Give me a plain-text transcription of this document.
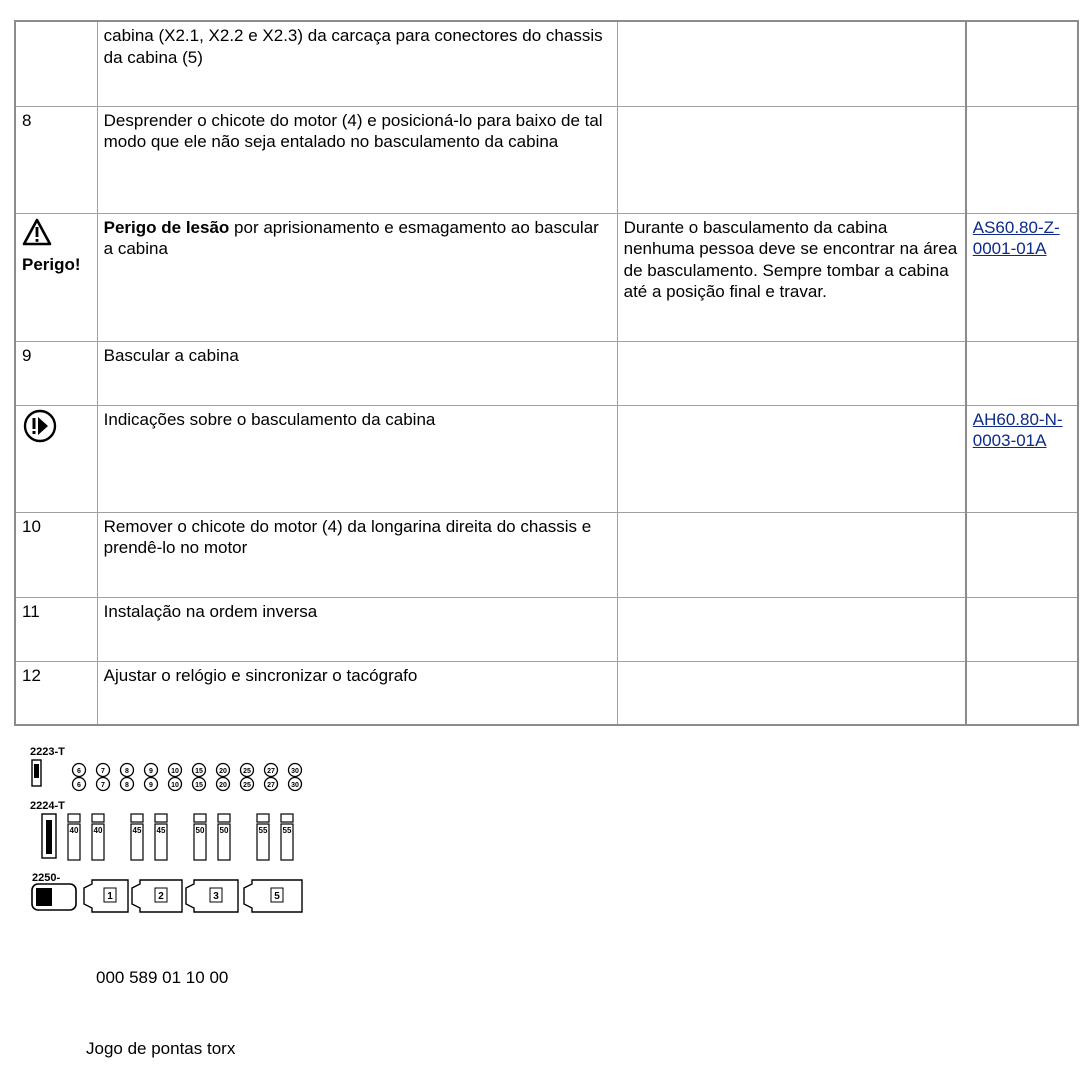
	cabina (X2.1, X2.2 e X2.3) da carcaça para conectores do chassis da cabina (5)		
8	Desprender o chicote do motor (4) e posicioná-lo para baixo de tal modo que ele não seja entalado no basculamento da cabina		

Perigo!	Perigo de lesão por aprisionamento e esmagamento ao bascular a cabina	Durante o basculamento da cabina nenhuma pessoa deve se encontrar na área de basculamento. Sempre tombar a cabina até a posição final e travar.	AS60.80-Z-0001-01A
9	Bascular a cabina		
	Indicações sobre o basculamento da cabina		AH60.80-N-0003-01A
10	Remover o chicote do motor (4) da longarina direita do chassis e prendê-lo no motor		
11	Instalação na ordem inversa		
12	Ajustar o relógio e sincronizar o tacógrafo		
2223-T
2224-T
2250-
6	7	8	9	10 15 20 25 27 30
6	7	8	9	10 15 20 25 27 30
40 40	45 45	50 50	55 55
1	2	3	5
000 589 01 10 00
Jogo de pontas torx
